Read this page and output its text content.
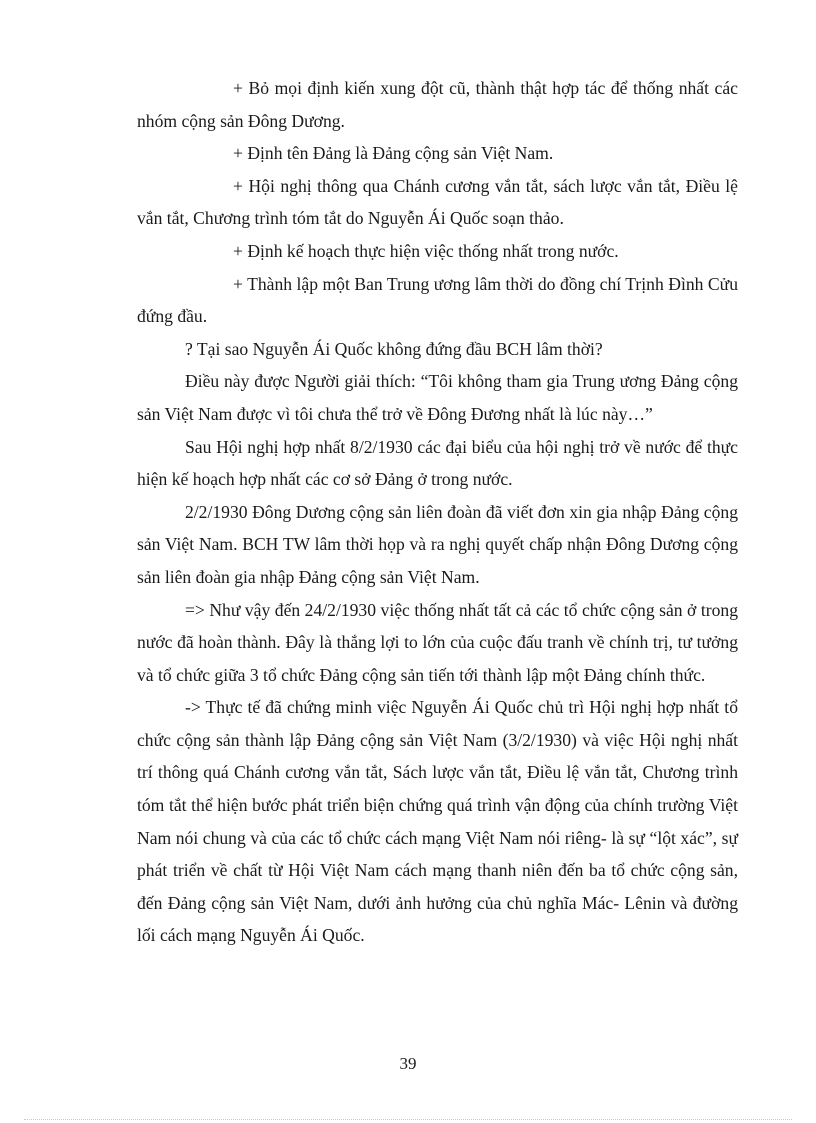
+ Bỏ mọi định kiến xung đột cũ, thành thật hợp tác để thống nhất các nhóm cộng sản Đông Dương.

+ Định tên Đảng là Đảng cộng sản Việt Nam.

+ Hội nghị thông qua Chánh cương vắn tắt, sách lược vắn tắt, Điều lệ vắn tắt, Chương trình tóm tắt do Nguyễn Ái Quốc soạn thảo.

+ Định kế hoạch thực hiện việc thống nhất trong nước.

+ Thành lập một Ban Trung ương lâm thời do đồng chí Trịnh Đình Cửu đứng đầu.

? Tại sao Nguyễn Ái Quốc không đứng đầu BCH lâm thời?

Điều này được Người giải thích: “Tôi không tham gia Trung ương Đảng cộng sản Việt Nam được vì tôi chưa thể trở về Đông Đương nhất là lúc này…”

Sau Hội nghị hợp nhất 8/2/1930 các đại biểu của hội nghị trở về nước để thực hiện kế hoạch hợp nhất các cơ sở Đảng ở trong nước.

2/2/1930 Đông Dương cộng sản liên đoàn đã viết đơn xin gia nhập Đảng cộng sản Việt Nam. BCH TW lâm thời họp và ra nghị quyết chấp nhận Đông Dương cộng sản liên đoàn gia nhập Đảng cộng sản Việt Nam.

=> Như vậy đến 24/2/1930 việc thống nhất tất cả các tổ chức cộng sản ở trong nước đã hoàn thành. Đây là thắng lợi to lớn của cuộc đấu tranh về chính trị, tư tưởng và tổ chức giữa 3 tổ chức Đảng cộng sản tiến tới thành lập một Đảng chính thức.

-> Thực tế đã chứng minh việc Nguyễn Ái Quốc chủ trì Hội nghị hợp nhất tổ chức cộng sản thành lập Đảng cộng sản Việt Nam (3/2/1930) và việc Hội nghị nhất trí thông quá Chánh cương vắn tắt, Sách lược vắn tắt, Điều lệ vắn tắt, Chương trình tóm tắt thể hiện bước phát triển biện chứng quá trình vận động của chính trường Việt Nam nói chung và của các tổ chức cách mạng Việt Nam nói riêng- là sự “lột xác”, sự phát triển về chất từ Hội Việt Nam cách mạng thanh niên đến ba tổ chức cộng sản, đến Đảng cộng sản Việt Nam, dưới ảnh hưởng của chủ nghĩa Mác- Lênin và đường lối cách mạng Nguyễn Ái Quốc.

39
